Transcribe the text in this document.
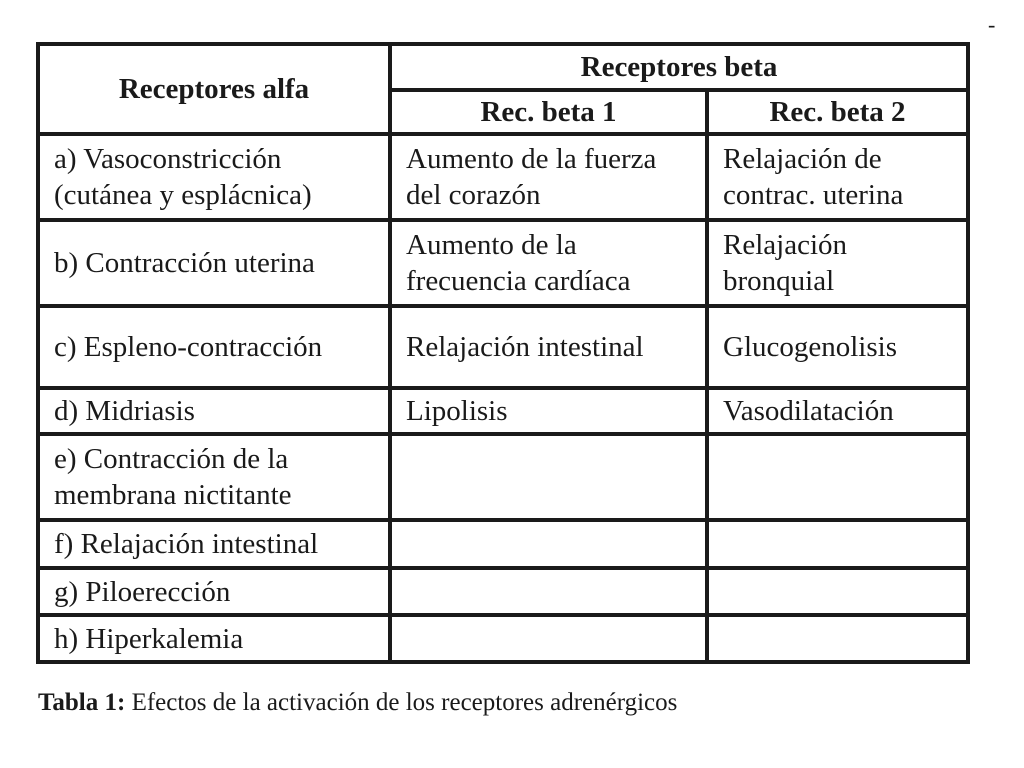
-
Receptores alfa	Receptores beta	
	Rec. beta 1	Rec. beta 2
a) Vasoconstricción (cutánea y esplácnica)	Aumento de la fuerza del corazón	Relajación de contrac. uterina
b) Contracción uterina	Aumento de la frecuencia cardíaca	Relajación bronquial
c) Espleno-contracción	Relajación intestinal	Glucogenolisis
d) Midriasis	Lipolisis	Vasodilatación
e) Contracción de la membrana nictitante		
f) Relajación intestinal		
g) Piloerección		
h) Hiperkalemia		
Tabla 1: Efectos de la activación de los receptores adrenérgicos
